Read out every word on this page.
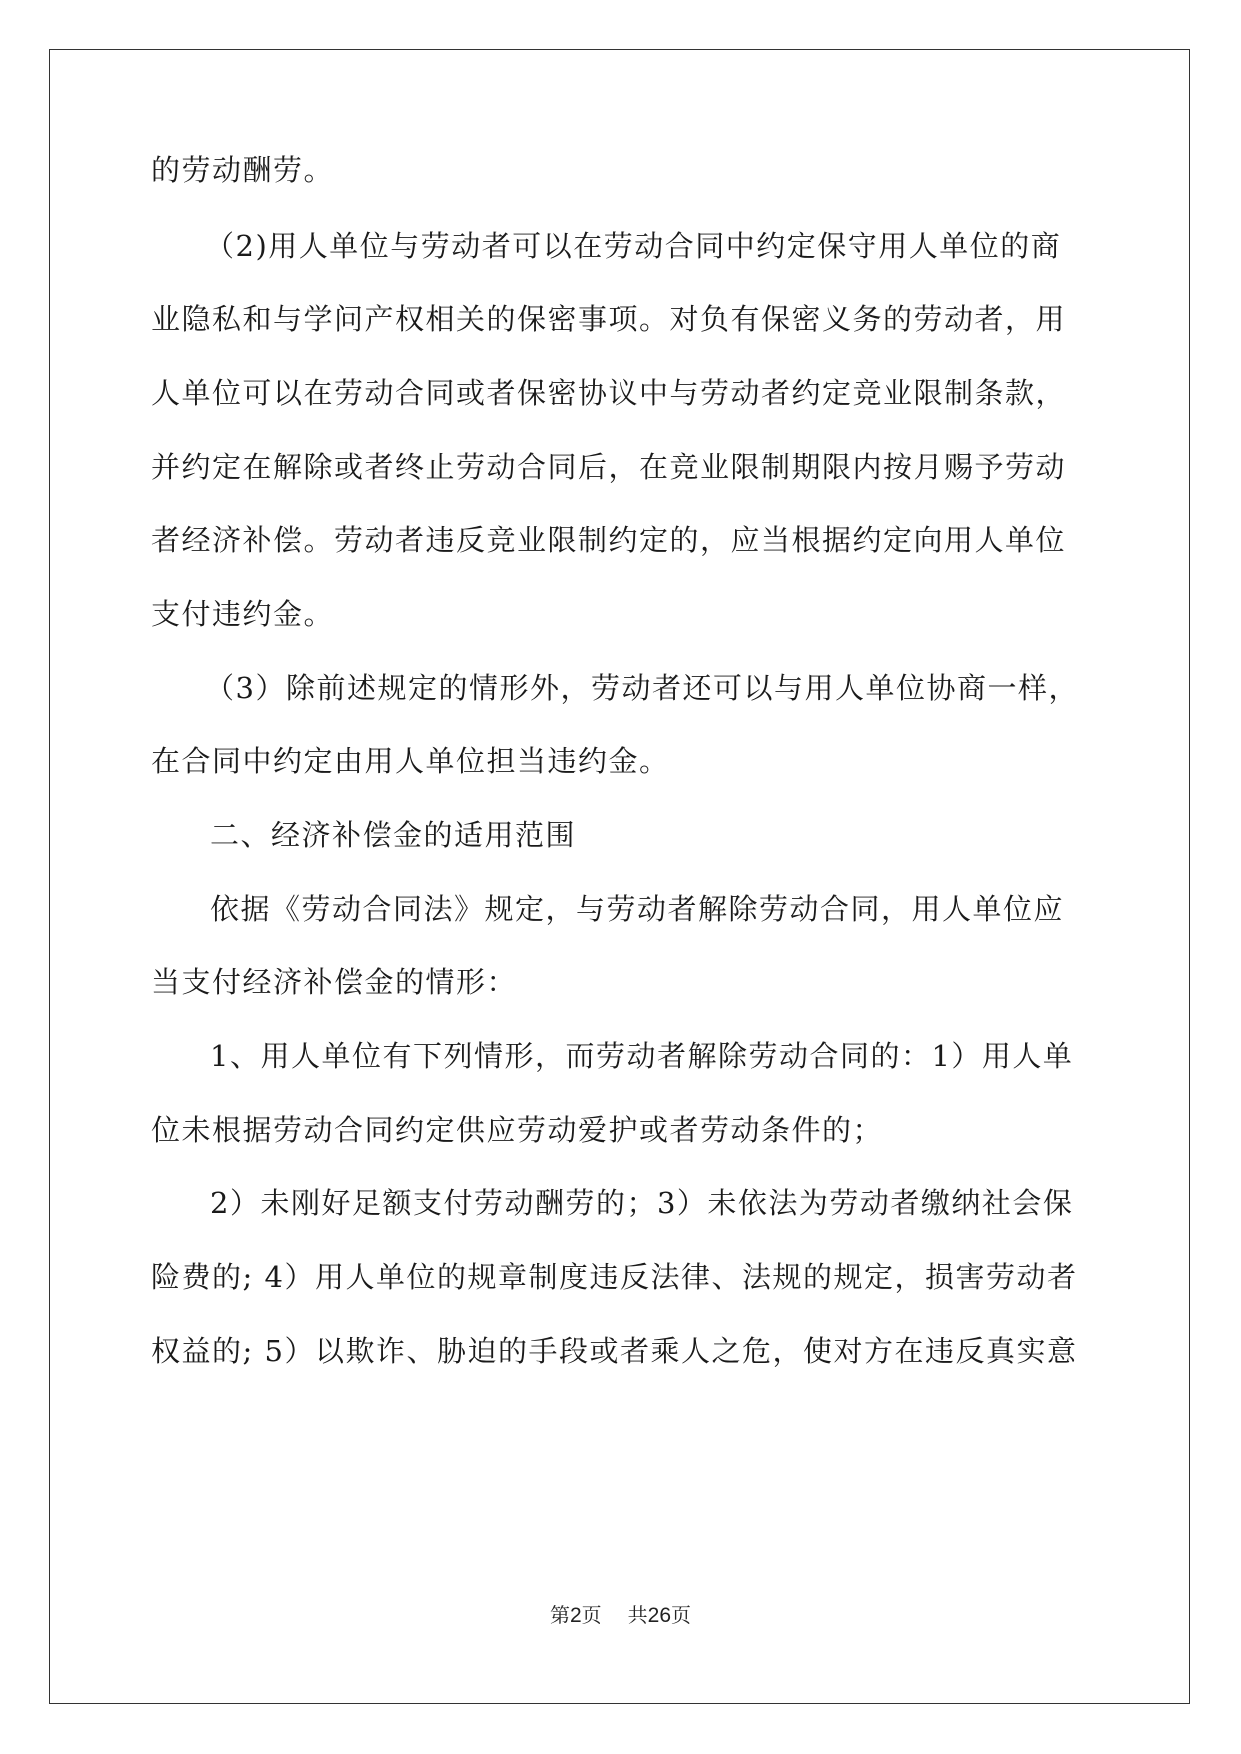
的劳动酬劳。
（2)用人单位与劳动者可以在劳动合同中约定保守用人单位的商
业隐私和与学问产权相关的保密事项。对负有保密义务的劳动者，用
人单位可以在劳动合同或者保密协议中与劳动者约定竞业限制条款，
并约定在解除或者终止劳动合同后，在竞业限制期限内按月赐予劳动
者经济补偿。劳动者违反竞业限制约定的，应当根据约定向用人单位
支付违约金。
（3）除前述规定的情形外，劳动者还可以与用人单位协商一样，
在合同中约定由用人单位担当违约金。
二、经济补偿金的适用范围
依据《劳动合同法》规定，与劳动者解除劳动合同，用人单位应
当支付经济补偿金的情形：
1、用人单位有下列情形，而劳动者解除劳动合同的：1）用人单
位未根据劳动合同约定供应劳动爱护或者劳动条件的；
2）未刚好足额支付劳动酬劳的；3）未依法为劳动者缴纳社会保
险费的; 4）用人单位的规章制度违反法律、法规的规定，损害劳动者
权益的; 5）以欺诈、胁迫的手段或者乘人之危，使对方在违反真实意
第2页 共26页
